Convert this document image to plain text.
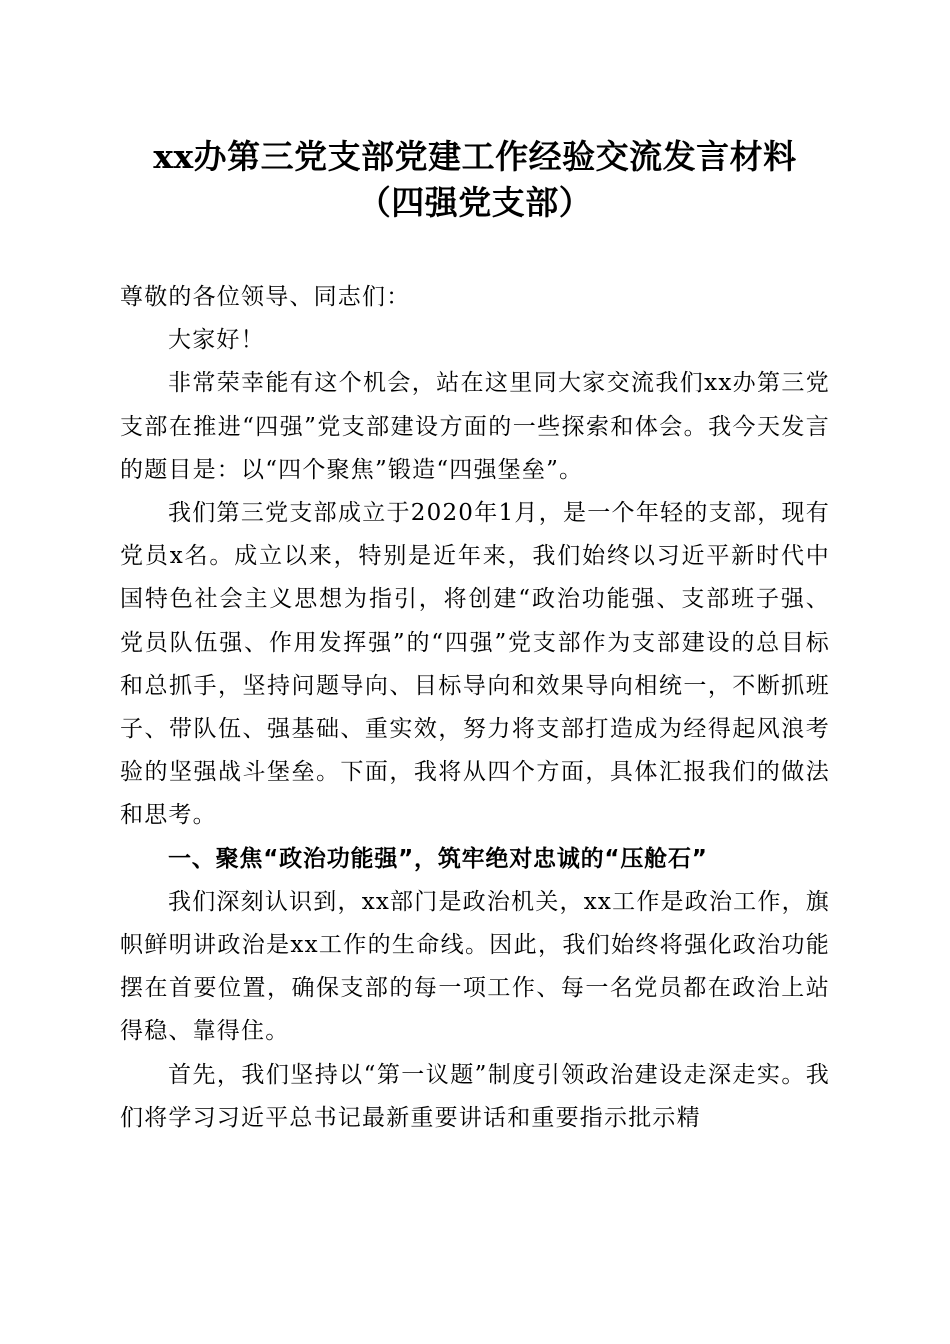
xx办第三党支部党建工作经验交流发言材料
（四强党支部）

尊敬的各位领导、同志们：

大家好！

非常荣幸能有这个机会，站在这里同大家交流我们xx办第三党支部在推进“四强”党支部建设方面的一些探索和体会。我今天发言的题目是：以“四个聚焦”锻造“四强堡垒”。

我们第三党支部成立于2020年1月，是一个年轻的支部，现有党员x名。成立以来，特别是近年来，我们始终以习近平新时代中国特色社会主义思想为指引，将创建“政治功能强、支部班子强、党员队伍强、作用发挥强”的“四强”党支部作为支部建设的总目标和总抓手，坚持问题导向、目标导向和效果导向相统一，不断抓班子、带队伍、强基础、重实效，努力将支部打造成为经得起风浪考验的坚强战斗堡垒。下面，我将从四个方面，具体汇报我们的做法和思考。

一、聚焦“政治功能强”，筑牢绝对忠诚的“压舱石”

我们深刻认识到，xx部门是政治机关，xx工作是政治工作，旗帜鲜明讲政治是xx工作的生命线。因此，我们始终将强化政治功能摆在首要位置，确保支部的每一项工作、每一名党员都在政治上站得稳、靠得住。

首先，我们坚持以“第一议题”制度引领政治建设走深走实。我们将学习习近平总书记最新重要讲话和重要指示批示精
